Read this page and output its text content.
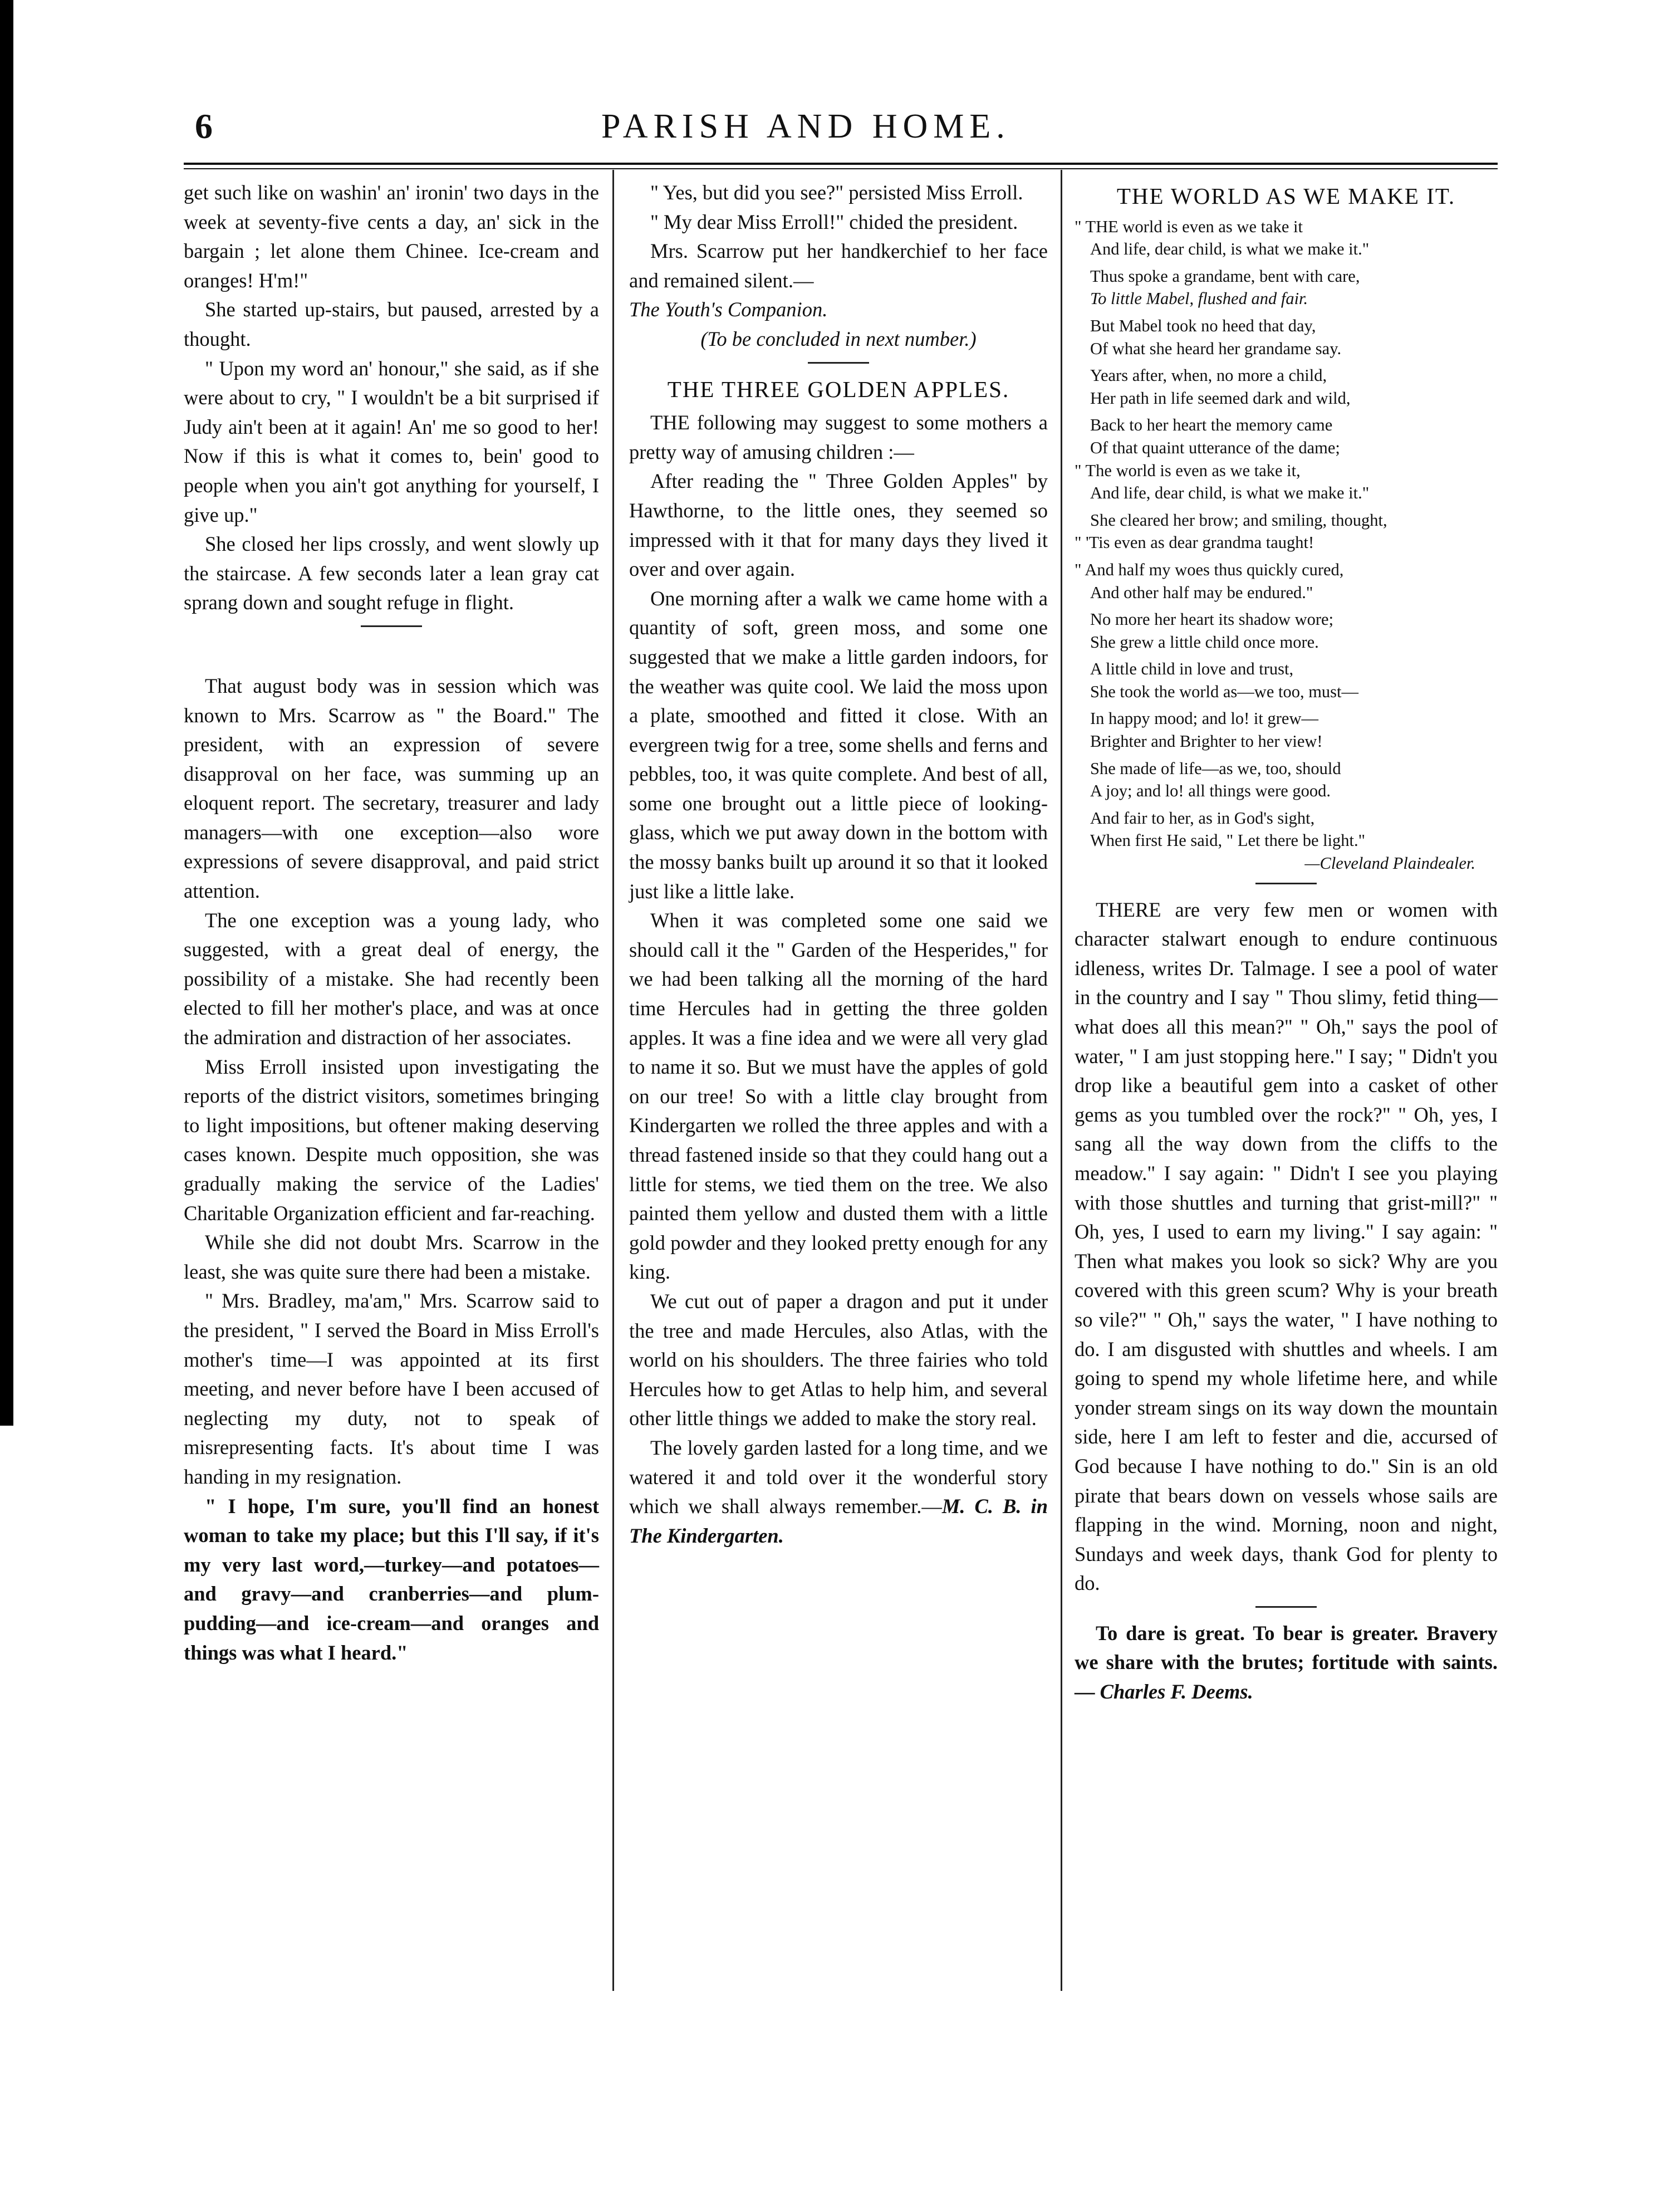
6	PARISH AND HOME.

get such like on washin' an' ironin' two days in the week at seventy-five cents a day, an' sick in the bargain ; let alone them Chinee. Ice-cream and oranges! H'm!"

She started up-stairs, but paused, arrested by a thought.

" Upon my word an' honour," she said, as if she were about to cry, " I wouldn't be a bit surprised if Judy ain't been at it again! An' me so good to her! Now if this is what it comes to, bein' good to people when you ain't got anything for yourself, I give up."

She closed her lips crossly, and went slowly up the staircase. A few seconds later a lean gray cat sprang down and sought refuge in flight.

That august body was in session which was known to Mrs. Scarrow as " the Board." The president, with an expression of severe disapproval on her face, was summing up an eloquent report. The secretary, treasurer and lady managers—with one exception—also wore expressions of severe disapproval, and paid strict attention.

The one exception was a young lady, who suggested, with a great deal of energy, the possibility of a mistake. She had recently been elected to fill her mother's place, and was at once the admiration and distraction of her associates.

Miss Erroll insisted upon investigating the reports of the district visitors, sometimes bringing to light impositions, but oftener making deserving cases known. Despite much opposition, she was gradually making the service of the Ladies' Charitable Organization efficient and far-reaching.

While she did not doubt Mrs. Scarrow in the least, she was quite sure there had been a mistake.

" Mrs. Bradley, ma'am," Mrs. Scarrow said to the president, " I served the Board in Miss Erroll's mother's time—I was appointed at its first meeting, and never before have I been accused of neglecting my duty, not to speak of misrepresenting facts. It's about time I was handing in my resignation.

" I hope, I'm sure, you'll find an honest woman to take my place; but this I'll say, if it's my very last word,—turkey—and potatoes—and gravy—and cranberries—and plum-pudding—and ice-cream—and oranges and things was what I heard."

" Yes, but did you see?" persisted Miss Erroll.

" My dear Miss Erroll!" chided the president.

Mrs. Scarrow put her handkerchief to her face and remained silent.—

The Youth's Companion.

(To be concluded in next number.)

THE THREE GOLDEN APPLES.

THE following may suggest to some mothers a pretty way of amusing children :—

After reading the " Three Golden Apples" by Hawthorne, to the little ones, they seemed so impressed with it that for many days they lived it over and over again.

One morning after a walk we came home with a quantity of soft, green moss, and some one suggested that we make a little garden indoors, for the weather was quite cool. We laid the moss upon a plate, smoothed and fitted it close. With an evergreen twig for a tree, some shells and ferns and pebbles, too, it was quite complete. And best of all, some one brought out a little piece of looking-glass, which we put away down in the bottom with the mossy banks built up around it so that it looked just like a little lake.

When it was completed some one said we should call it the " Garden of the Hesperides," for we had been talking all the morning of the hard time Hercules had in getting the three golden apples. It was a fine idea and we were all very glad to name it so. But we must have the apples of gold on our tree! So with a little clay brought from Kindergarten we rolled the three apples and with a thread fastened inside so that they could hang out a little for stems, we tied them on the tree. We also painted them yellow and dusted them with a little gold powder and they looked pretty enough for any king.

We cut out of paper a dragon and put it under the tree and made Hercules, also Atlas, with the world on his shoulders. The three fairies who told Hercules how to get Atlas to help him, and several other little things we added to make the story real.

The lovely garden lasted for a long time, and we watered it and told over it the wonderful story which we shall always remember.—M. C. B. in The Kindergarten.

THE WORLD AS WE MAKE IT.
" THE world is even as we take it
And life, dear child, is what we make it."
Thus spoke a grandame, bent with care,
To little Mabel, flushed and fair.
But Mabel took no heed that day,
Of what she heard her grandame say.
Years after, when, no more a child,
Her path in life seemed dark and wild,
Back to her heart the memory came
Of that quaint utterance of the dame;
" The world is even as we take it,
And life, dear child, is what we make it."
She cleared her brow; and smiling, thought,
" 'Tis even as dear grandma taught!
" And half my woes thus quickly cured,
And other half may be endured."
No more her heart its shadow wore;
She grew a little child once more.
A little child in love and trust,
She took the world as—we too, must—
In happy mood; and lo! it grew—
Brighter and Brighter to her view!
She made of life—as we, too, should
A joy; and lo! all things were good.
And fair to her, as in God's sight,
When first He said, " Let there be light."
—Cleveland Plaindealer.

THERE are very few men or women with character stalwart enough to endure continuous idleness, writes Dr. Talmage. I see a pool of water in the country and I say " Thou slimy, fetid thing—what does all this mean?" " Oh," says the pool of water, " I am just stopping here." I say; " Didn't you drop like a beautiful gem into a casket of other gems as you tumbled over the rock?" " Oh, yes, I sang all the way down from the cliffs to the meadow." I say again: " Didn't I see you playing with those shuttles and turning that grist-mill?" " Oh, yes, I used to earn my living." I say again: " Then what makes you look so sick? Why are you covered with this green scum? Why is your breath so vile?" " Oh," says the water, " I have nothing to do. I am disgusted with shuttles and wheels. I am going to spend my whole lifetime here, and while yonder stream sings on its way down the mountain side, here I am left to fester and die, accursed of God because I have nothing to do." Sin is an old pirate that bears down on vessels whose sails are flapping in the wind. Morning, noon and night, Sundays and week days, thank God for plenty to do.

To dare is great. To bear is greater. Bravery we share with the brutes; fortitude with saints. — Charles F. Deems.
